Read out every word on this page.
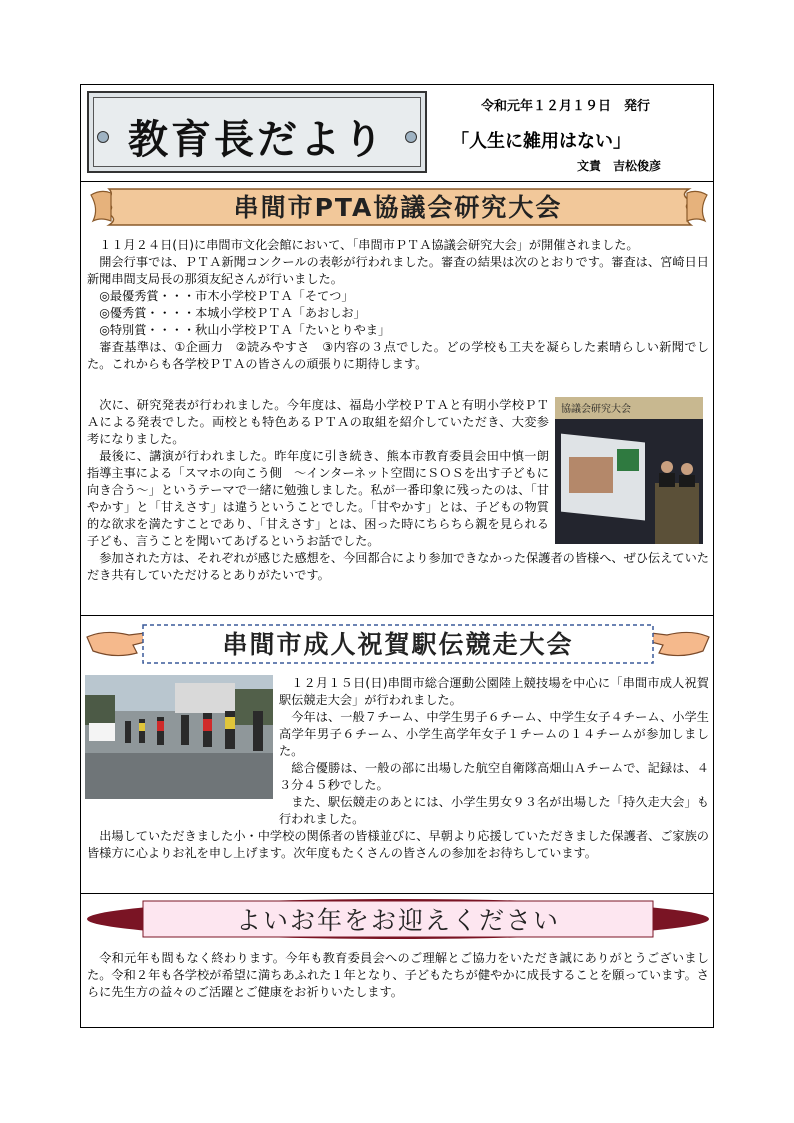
教育長だより
令和元年１２月１９日　発行
「人生に雑用はない」
文責　吉松俊彦
串間市PTA協議会研究大会

１１月２４日(日)に串間市文化会館において、「串間市ＰＴＡ協議会研究大会」が開催されました。

開会行事では、ＰＴＡ新聞コンクールの表彰が行われました。審査の結果は次のとおりです。審査は、宮崎日日新聞串間支局長の那須友紀さんが行いました。

◎最優秀賞・・・市木小学校ＰＴＡ「そてつ」

◎優秀賞・・・・本城小学校ＰＴＡ「あおしお」

◎特別賞・・・・秋山小学校ＰＴＡ「たいとりやま」

審査基準は、①企画力　②読みやすさ　③内容の３点でした。どの学校も工夫を凝らした素晴らしい新聞でした。これからも各学校ＰＴＡの皆さんの頑張りに期待します。

協議会研究大会

次に、研究発表が行われました。今年度は、福島小学校ＰＴＡと有明小学校ＰＴＡによる発表でした。両校とも特色あるＰＴＡの取組を紹介していただき、大変参考になりました。

最後に、講演が行われました。昨年度に引き続き、熊本市教育委員会田中慎一朗指導主事による「スマホの向こう側　～インターネット空間にＳＯＳを出す子どもに向き合う～」というテーマで一緒に勉強しました。私が一番印象に残ったのは、「甘やかす」と「甘えさす」は違うということでした。「甘やかす」とは、子どもの物質的な欲求を満たすことであり、「甘えさす」とは、困った時にちらちら親を見られる子ども、言うことを聞いてあげるというお話でした。

参加された方は、それぞれが感じた感想を、今回都合により参加できなかった保護者の皆様へ、ぜひ伝えていただき共有していただけるとありがたいです。

串間市成人祝賀駅伝競走大会

１２月１５日(日)串間市総合運動公園陸上競技場を中心に「串間市成人祝賀駅伝競走大会」が行われました。

今年は、一般７チーム、中学生男子６チーム、中学生女子４チーム、小学生高学年男子６チーム、小学生高学年女子１チームの１４チームが参加しました。

総合優勝は、一般の部に出場した航空自衛隊高畑山Ａチームで、記録は、４３分４５秒でした。

また、駅伝競走のあとには、小学生男女９３名が出場した「持久走大会」も行われました。

出場していただきました小・中学校の関係者の皆様並びに、早朝より応援していただきました保護者、ご家族の皆様方に心よりお礼を申し上げます。次年度もたくさんの皆さんの参加をお待ちしています。

よいお年をお迎えください

令和元年も間もなく終わります。今年も教育委員会へのご理解とご協力をいただき誠にありがとうございました。令和２年も各学校が希望に満ちあふれた１年となり、子どもたちが健やかに成長することを願っています。さらに先生方の益々のご活躍とご健康をお祈りいたします。
